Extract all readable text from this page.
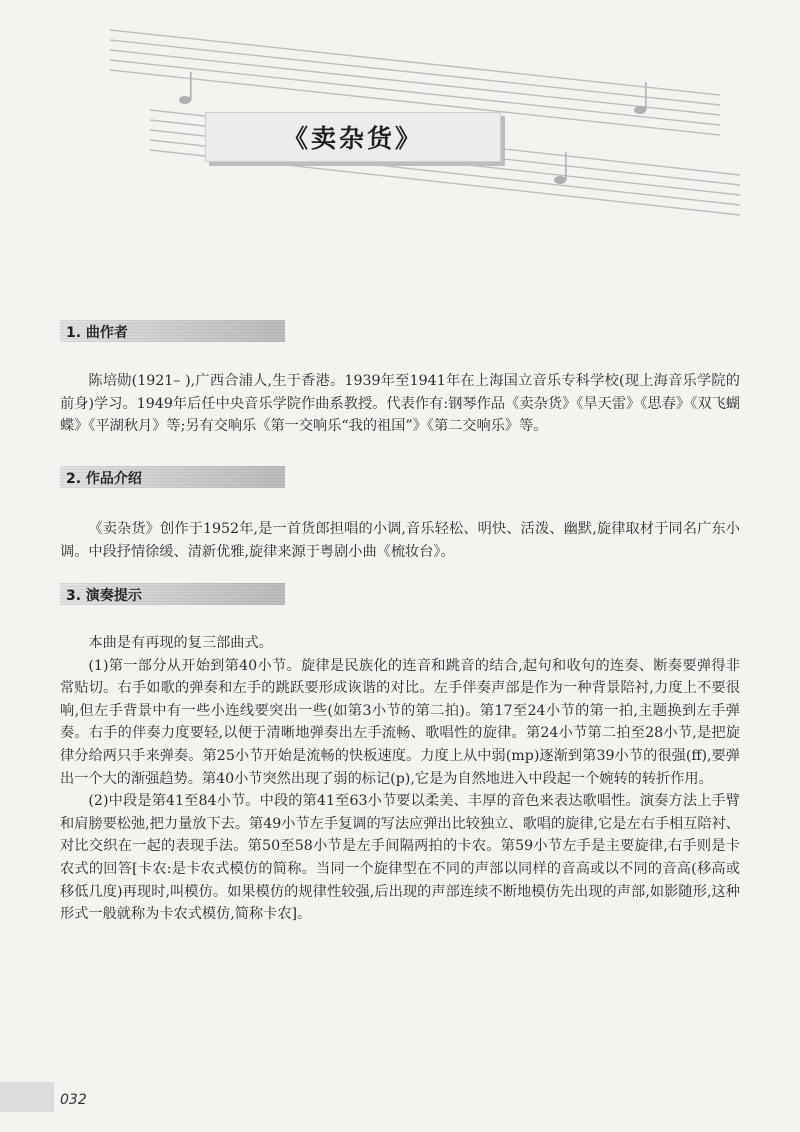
《卖杂货》
1. 曲作者

陈培勋(1921– ),广西合浦人,生于香港。1939年至1941年在上海国立音乐专科学校(现上海音乐学院的前身)学习。1949年后任中央音乐学院作曲系教授。代表作有:钢琴作品《卖杂货》《旱天雷》《思春》《双飞蝴蝶》《平湖秋月》等;另有交响乐《第一交响乐“我的祖国”》《第二交响乐》等。

2. 作品介绍

《卖杂货》创作于1952年,是一首货郎担唱的小调,音乐轻松、明快、活泼、幽默,旋律取材于同名广东小调。中段抒情徐缓、清新优雅,旋律来源于粤剧小曲《梳妆台》。

3. 演奏提示

本曲是有再现的复三部曲式。

(1)第一部分从开始到第40小节。旋律是民族化的连音和跳音的结合,起句和收句的连奏、断奏要弹得非常贴切。右手如歌的弹奏和左手的跳跃要形成诙谐的对比。左手伴奏声部是作为一种背景陪衬,力度上不要很响,但左手背景中有一些小连线要突出一些(如第3小节的第二拍)。第17至24小节的第一拍,主题换到左手弹奏。右手的伴奏力度要轻,以便于清晰地弹奏出左手流畅、歌唱性的旋律。第24小节第二拍至28小节,是把旋律分给两只手来弹奏。第25小节开始是流畅的快板速度。力度上从中弱(mp)逐渐到第39小节的很强(ff),要弹出一个大的渐强趋势。第40小节突然出现了弱的标记(p),它是为自然地进入中段起一个婉转的转折作用。

(2)中段是第41至84小节。中段的第41至63小节要以柔美、丰厚的音色来表达歌唱性。演奏方法上手臂和肩膀要松弛,把力量放下去。第49小节左手复调的写法应弹出比较独立、歌唱的旋律,它是左右手相互陪衬、对比交织在一起的表现手法。第50至58小节是左手间隔两拍的卡农。第59小节左手是主要旋律,右手则是卡农式的回答[卡农:是卡农式模仿的简称。当同一个旋律型在不同的声部以同样的音高或以不同的音高(移高或移低几度)再现时,叫模仿。如果模仿的规律性较强,后出现的声部连续不断地模仿先出现的声部,如影随形,这种形式一般就称为卡农式模仿,简称卡农]。

032
